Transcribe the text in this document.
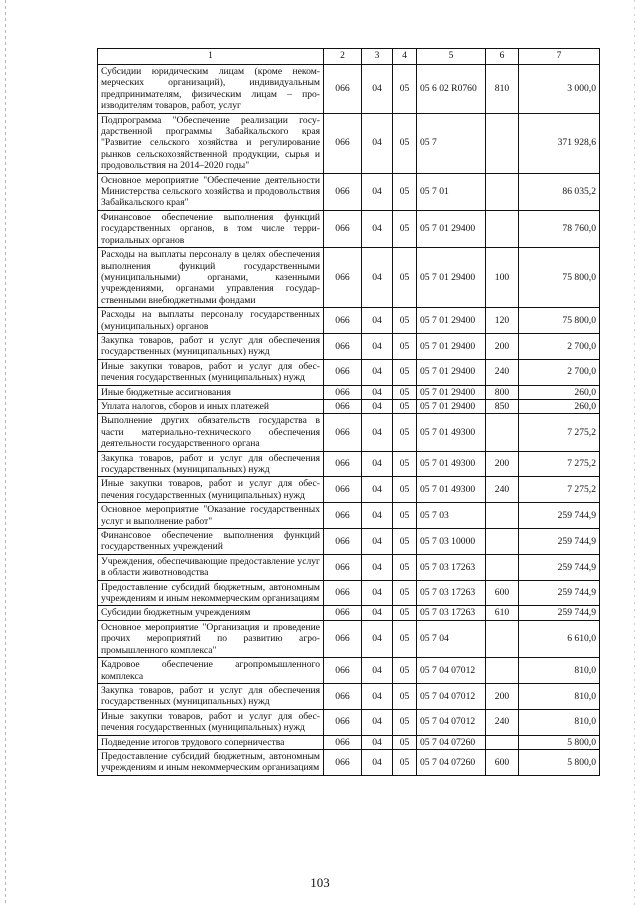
1	2	3	4	5	6	7
Субсидии юридическим лицам (кроме некоммерческих организаций), индивидуальным предпринимателям, физическим лицам – производителям товаров, работ, услуг	066	04	05	05 6 02 R0760	810	3 000,0
Подпрограмма "Обеспечение реализации государственной программы Забайкальского края "Развитие сельского хозяйства и регулирование рынков сельскохозяйственной продукции, сырья и продовольствия на 2014–2020 годы"	066	04	05	05 7		371 928,6
Основное мероприятие "Обеспечение деятельности Министерства сельского хозяйства и продовольствия Забайкальского края"	066	04	05	05 7 01		86 035,2
Финансовое обеспечение выполнения функций государственных органов, в том числе территориальных органов	066	04	05	05 7 01 29400		78 760,0
Расходы на выплаты персоналу в целях обеспечения выполнения функций государственными (муниципальными) органами, казенными учреждениями, органами управления государственными внебюджетными фондами	066	04	05	05 7 01 29400	100	75 800,0
Расходы на выплаты персоналу государственных (муниципальных) органов	066	04	05	05 7 01 29400	120	75 800,0
Закупка товаров, работ и услуг для обеспечения государственных (муниципальных) нужд	066	04	05	05 7 01 29400	200	2 700,0
Иные закупки товаров, работ и услуг для обеспечения государственных (муниципальных) нужд	066	04	05	05 7 01 29400	240	2 700,0
Иные бюджетные ассигнования	066	04	05	05 7 01 29400	800	260,0
Уплата налогов, сборов и иных платежей	066	04	05	05 7 01 29400	850	260,0
Выполнение других обязательств государства в части материально-технического обеспечения деятельности государственного органа	066	04	05	05 7 01 49300		7 275,2
Закупка товаров, работ и услуг для обеспечения государственных (муниципальных) нужд	066	04	05	05 7 01 49300	200	7 275,2
Иные закупки товаров, работ и услуг для обеспечения государственных (муниципальных) нужд	066	04	05	05 7 01 49300	240	7 275,2
Основное мероприятие "Оказание государственных услуг и выполнение работ"	066	04	05	05 7 03		259 744,9
Финансовое обеспечение выполнения функций государственных учреждений	066	04	05	05 7 03 10000		259 744,9
Учреждения, обеспечивающие предоставление услуг в области животноводства	066	04	05	05 7 03 17263		259 744,9
Предоставление субсидий бюджетным, автономным учреждениям и иным некоммерческим организациям	066	04	05	05 7 03 17263	600	259 744,9
Субсидии бюджетным учреждениям	066	04	05	05 7 03 17263	610	259 744,9
Основное мероприятие "Организация и проведение прочих мероприятий по развитию агропромышленного комплекса"	066	04	05	05 7 04		6 610,0
Кадровое обеспечение агропромышленного комплекса	066	04	05	05 7 04 07012		810,0
Закупка товаров, работ и услуг для обеспечения государственных (муниципальных) нужд	066	04	05	05 7 04 07012	200	810,0
Иные закупки товаров, работ и услуг для обеспечения государственных (муниципальных) нужд	066	04	05	05 7 04 07012	240	810,0
Подведение итогов трудового соперничества	066	04	05	05 7 04 07260		5 800,0
Предоставление субсидий бюджетным, автономным учреждениям и иным некоммерческим организациям	066	04	05	05 7 04 07260	600	5 800,0
103
